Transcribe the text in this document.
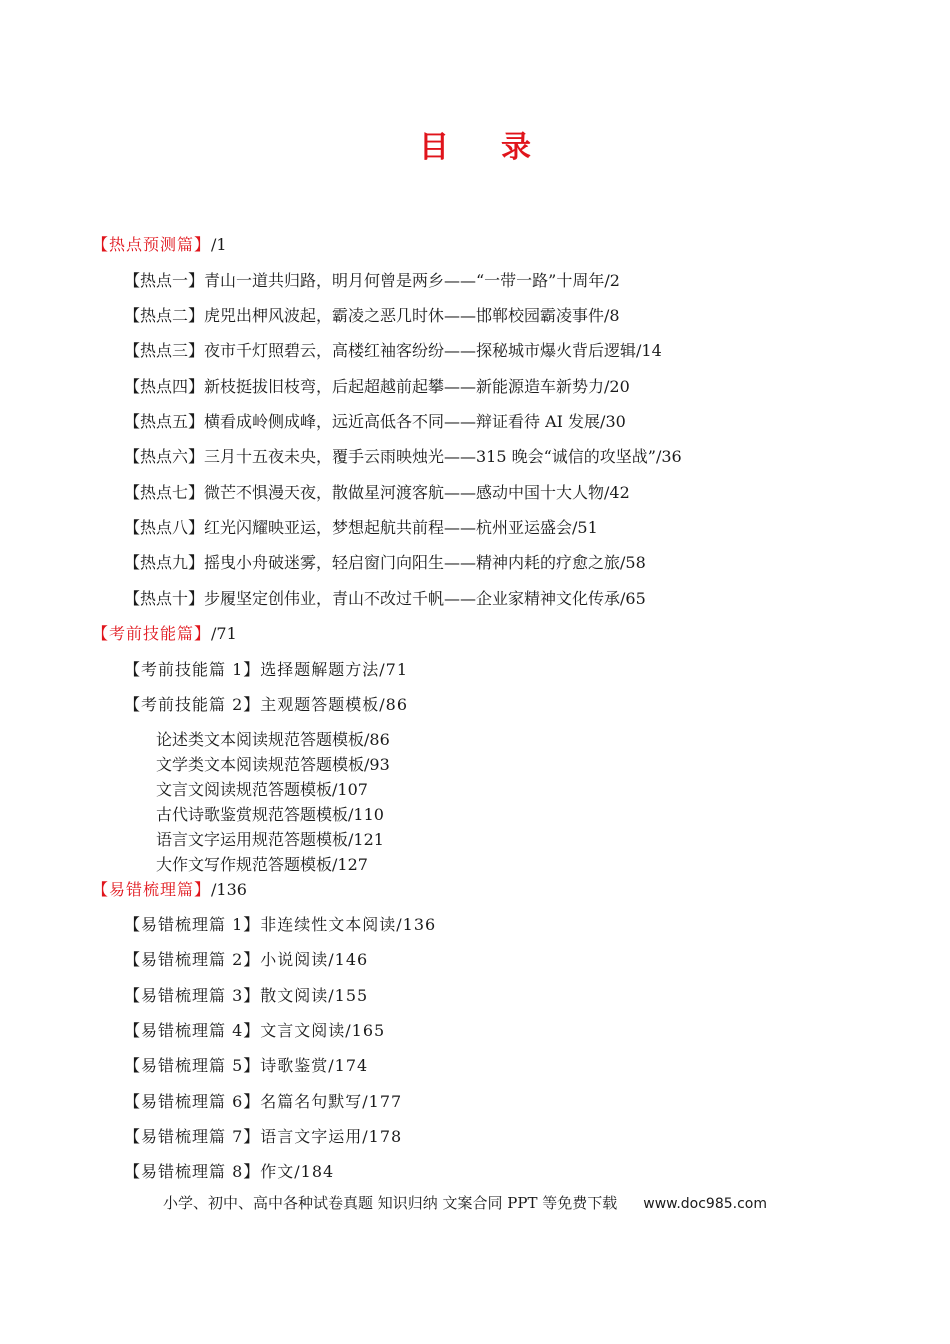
目 录
【热点预测篇】/1
【热点一】青山一道共归路，明月何曾是两乡——“一带一路”十周年/2
【热点二】虎兕出柙风波起，霸凌之恶几时休——邯郸校园霸凌事件/8
【热点三】夜市千灯照碧云，高楼红袖客纷纷——探秘城市爆火背后逻辑/14
【热点四】新枝挺拔旧枝弯，后起超越前起攀——新能源造车新势力/20
【热点五】横看成岭侧成峰，远近高低各不同——辩证看待 AI 发展/30
【热点六】三月十五夜未央，覆手云雨映烛光——315 晚会“诚信的攻坚战”/36
【热点七】微芒不惧漫天夜，散做星河渡客航——感动中国十大人物/42
【热点八】红光闪耀映亚运，梦想起航共前程——杭州亚运盛会/51
【热点九】摇曳小舟破迷雾，轻启窗门向阳生——精神内耗的疗愈之旅/58
【热点十】步履坚定创伟业，青山不改过千帆——企业家精神文化传承/65
【考前技能篇】/71
【考前技能篇 1】选择题解题方法/71
【考前技能篇 2】主观题答题模板/86
论述类文本阅读规范答题模板/86
文学类文本阅读规范答题模板/93
文言文阅读规范答题模板/107
古代诗歌鉴赏规范答题模板/110
语言文字运用规范答题模板/121
大作文写作规范答题模板/127
【易错梳理篇】/136
【易错梳理篇 1】非连续性文本阅读/136
【易错梳理篇 2】小说阅读/146
【易错梳理篇 3】散文阅读/155
【易错梳理篇 4】文言文阅读/165
【易错梳理篇 5】诗歌鉴赏/174
【易错梳理篇 6】名篇名句默写/177
【易错梳理篇 7】语言文字运用/178
【易错梳理篇 8】作文/184
小学、初中、高中各种试卷真题 知识归纳 文案合同 PPT 等免费下载 www.doc985.com
